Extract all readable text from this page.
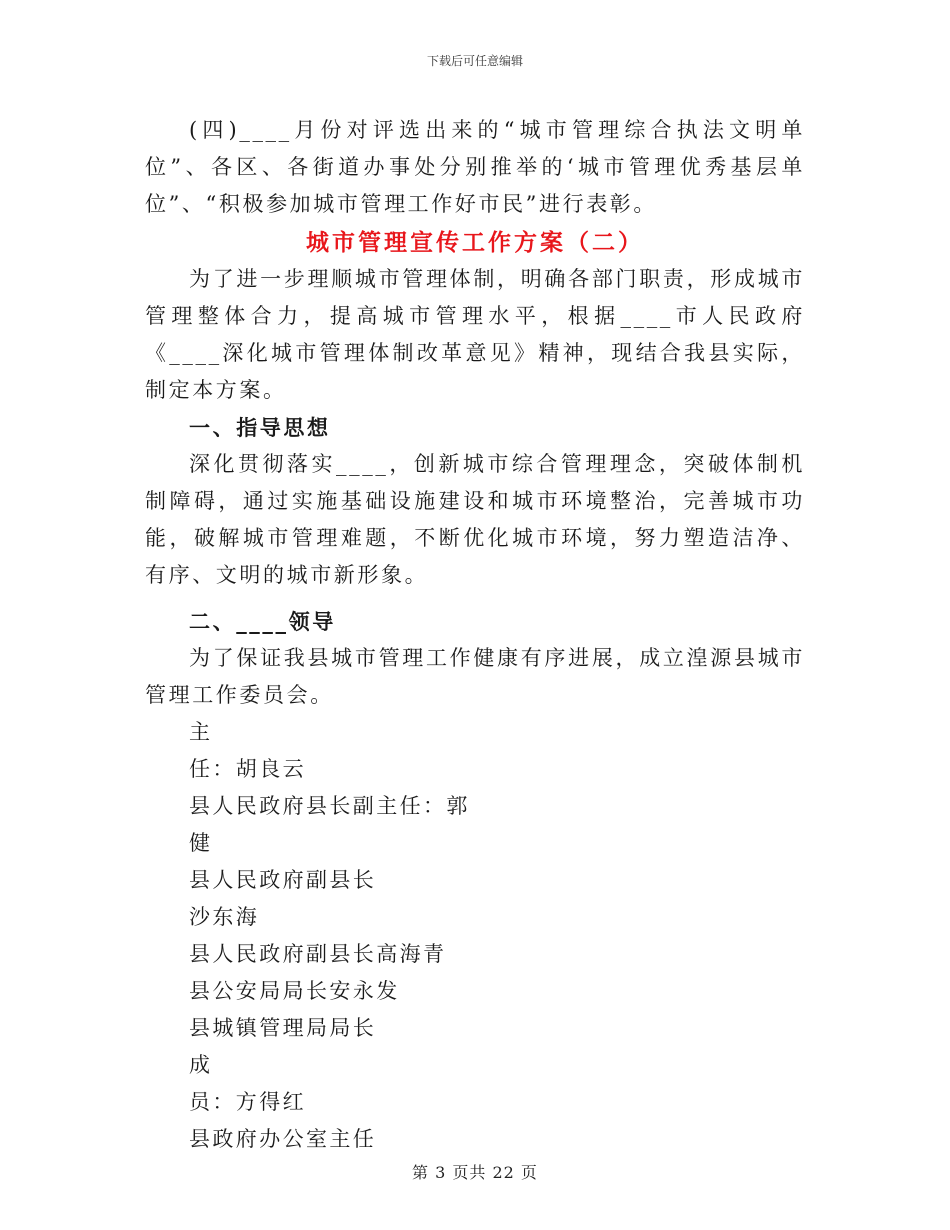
下载后可任意编辑

(四)____月份对评选出来的“城市管理综合执法文明单位”、各区、各街道办事处分别推举的‘城市管理优秀基层单位”、“积极参加城市管理工作好市民”进行表彰。

城市管理宣传工作方案（二）

为了进一步理顺城市管理体制，明确各部门职责，形成城市管理整体合力，提高城市管理水平，根据____市人民政府《____深化城市管理体制改革意见》精神，现结合我县实际，制定本方案。

一、指导思想

深化贯彻落实____，创新城市综合管理理念，突破体制机制障碍，通过实施基础设施建设和城市环境整治，完善城市功能，破解城市管理难题，不断优化城市环境，努力塑造洁净、有序、文明的城市新形象。

二、____领导

为了保证我县城市管理工作健康有序进展，成立湟源县城市管理工作委员会。

主
任：胡良云
县人民政府县长副主任：郭
健
县人民政府副县长
沙东海
县人民政府副县长高海青
县公安局局长安永发
县城镇管理局局长
成
员：方得红
县政府办公室主任
第 3 页共 22 页
